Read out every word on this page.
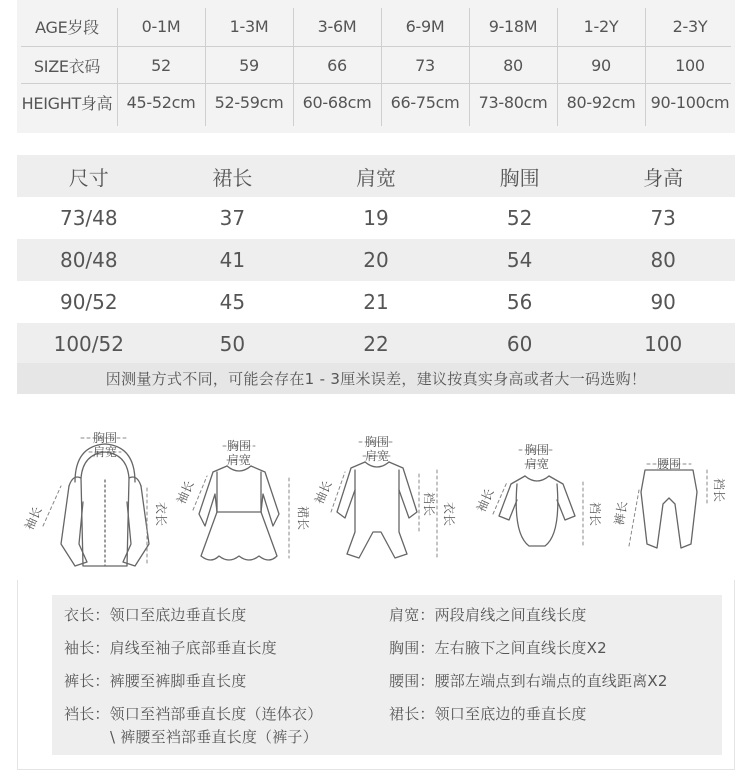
AGE岁段	0-1M	1-3M	3-6M	6-9M	9-18M	1-2Y	2-3Y
SIZE衣码	52	59	66	73	80	90	100
HEIGHT身高 45-52cm	52-59cm	60-68cm	66-75cm	73-80cm	80-92cm 90-100cm
尺寸	裙长	肩宽	胸围	身高
73/48	37	19	52	73
80/48	41	20	54	80
90/52	45	21	56	90
100/52	50	22	60	100
因测量方式不同，可能会存在1 - 3厘米误差，建议按真实身高或者大一码选购！
胸围
肩宽
袖长	衣长
胸围
肩宽
袖长
裙长
胸围
肩宽
袖长	裆长 衣长
胸围
肩宽
袖长	裆长
腰围
裤长
裆长
衣长：领口至底边垂直长度
袖长：肩线至袖子底部垂直长度
裤长：裤腰至裤脚垂直长度
裆长：领口至裆部垂直长度（连体衣）
\ 裤腰至裆部垂直长度（裤子）
肩宽：两段肩线之间直线长度
胸围：左右腋下之间直线长度X2
腰围：腰部左端点到右端点的直线距离X2
裙长：领口至底边的垂直长度
